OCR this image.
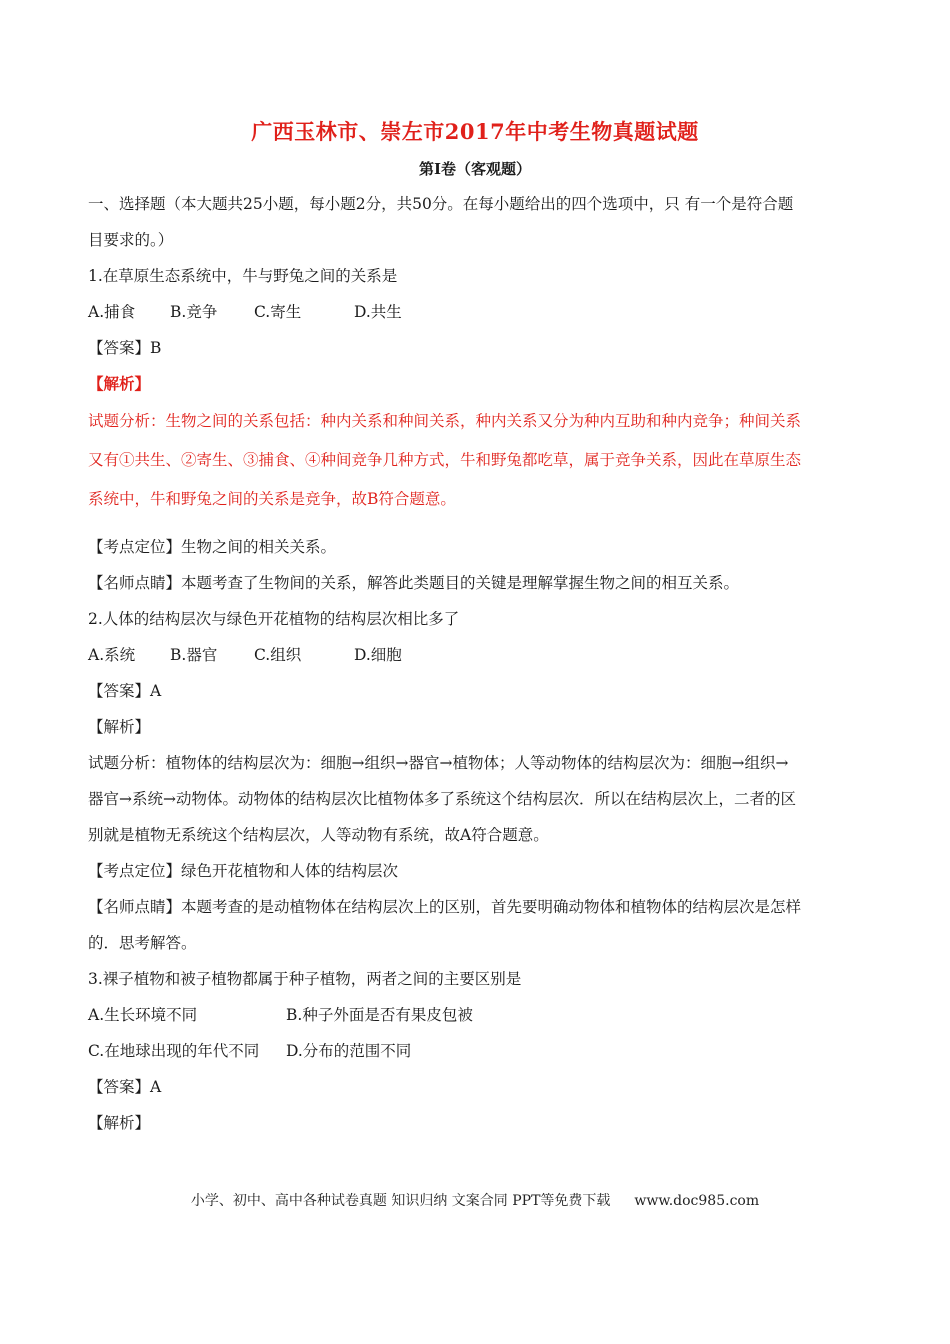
广西玉林市、崇左市2017年中考生物真题试题
第Ⅰ卷（客观题）
一、选择题（本大题共25小题，每小题2分，共50分。在每小题给出的四个选项中，只 有一个是符合题
目要求的。）
1.在草原生态系统中，牛与野兔之间的关系是
A.捕食 B.竞争 C.寄生	D.共生
【答案】B
【解析】
试题分析：生物之间的关系包括：种内关系和种间关系，种内关系又分为种内互助和种内竞争；种间关系
又有①共生、②寄生、③捕食、④种间竞争几种方式，牛和野兔都吃草，属于竞争关系，因此在草原生态
系统中，牛和野兔之间的关系是竞争，故B符合题意。
【考点定位】生物之间的相关关系。
【名师点睛】本题考查了生物间的关系，解答此类题目的关键是理解掌握生物之间的相互关系。
2.人体的结构层次与绿色开花植物的结构层次相比多了
A.系统 B.器官 C.组织	D.细胞
【答案】A
【解析】
试题分析：植物体的结构层次为：细胞→组织→器官→植物体；人等动物体的结构层次为：细胞→组织→
器官→系统→动物体。动物体的结构层次比植物体多了系统这个结构层次．所以在结构层次上，二者的区
别就是植物无系统这个结构层次，人等动物有系统，故A符合题意。
【考点定位】绿色开花植物和人体的结构层次
【名师点睛】本题考查的是动植物体在结构层次上的区别，首先要明确动物体和植物体的结构层次是怎样
的．思考解答。
3.裸子植物和被子植物都属于种子植物，两者之间的主要区别是
A.生长环境不同	B.种子外面是否有果皮包被
C.在地球出现的年代不同 D.分布的范围不同
【答案】A
【解析】
小学、初中、高中各种试卷真题 知识归纳 文案合同 PPT等免费下载 www.doc985.com
